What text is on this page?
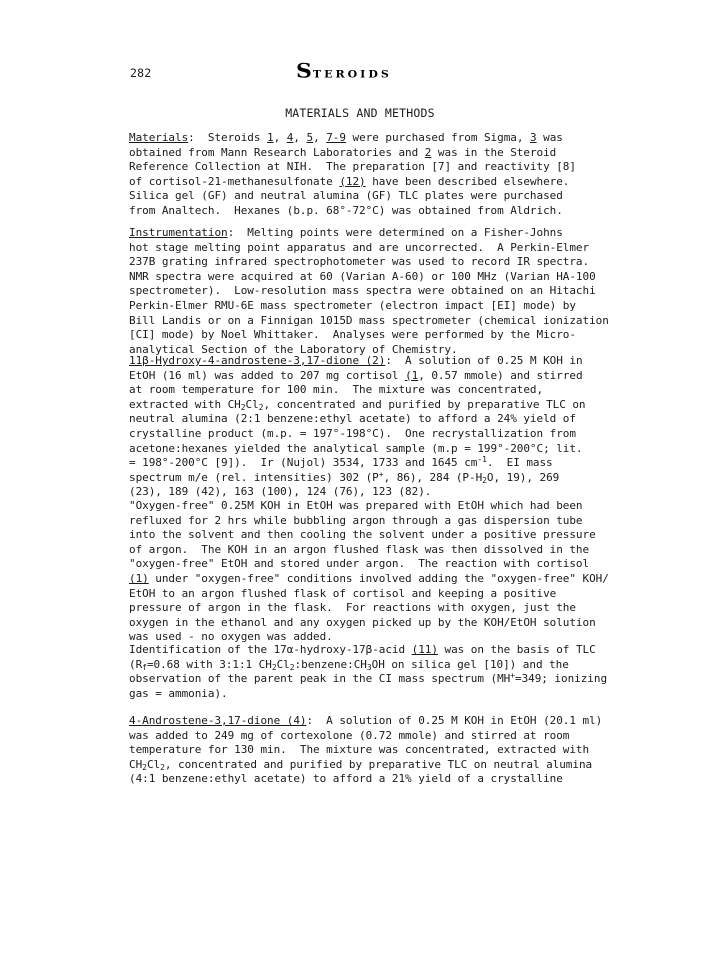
282	STEROIDS
MATERIALS AND METHODS

Materials:  Steroids 1, 4, 5, 7-9 were purchased from Sigma, 3 was
obtained from Mann Research Laboratories and 2 was in the Steroid
Reference Collection at NIH.  The preparation [7] and reactivity [8]
of cortisol-21-methanesulfonate (12) have been described elsewhere.
Silica gel (GF) and neutral alumina (GF) TLC plates were purchased
from Analtech.  Hexanes (b.p. 68°-72°C) was obtained from Aldrich.

Instrumentation:  Melting points were determined on a Fisher-Johns
hot stage melting point apparatus and are uncorrected.  A Perkin-Elmer
237B grating infrared spectrophotometer was used to record IR spectra.
NMR spectra were acquired at 60 (Varian A-60) or 100 MHz (Varian HA-100
spectrometer).  Low-resolution mass spectra were obtained on an Hitachi
Perkin-Elmer RMU-6E mass spectrometer (electron impact [EI] mode) by
Bill Landis or on a Finnigan 1015D mass spectrometer (chemical ionization
[CI] mode) by Noel Whittaker.  Analyses were performed by the Micro-
analytical Section of the Laboratory of Chemistry.

11β-Hydroxy-4-androstene-3,17-dione (2):  A solution of 0.25 M KOH in
EtOH (16 ml) was added to 207 mg cortisol (1, 0.57 mmole) and stirred
at room temperature for 100 min.  The mixture was concentrated,
extracted with $CH_2Cl_2$, concentrated and purified by preparative TLC on
neutral alumina (2:1 benzene:ethyl acetate) to afford a 24% yield of
crystalline product (m.p. = 197°-198°C).  One recrystallization from
acetone:hexanes yielded the analytical sample (m.p = 199°-200°C; lit.
= 198°-200°C [9]).  Ir (Nujol) 3534, 1733 and 1645 $cm^{-1}$.  EI mass
spectrum m/e (rel. intensities) 302 (P+, 86), 284 ($P-H_2O$, 19), 269
(23), 189 (42), 163 (100), 124 (76), 123 (82).

"Oxygen-free" 0.25M KOH in EtOH was prepared with EtOH which had been
refluxed for 2 hrs while bubbling argon through a gas dispersion tube
into the solvent and then cooling the solvent under a positive pressure
of argon.  The KOH in an argon flushed flask was then dissolved in the
"oxygen-free" EtOH and stored under argon.  The reaction with cortisol
(1) under "oxygen-free" conditions involved adding the "oxygen-free" KOH/
EtOH to an argon flushed flask of cortisol and keeping a positive
pressure of argon in the flask.  For reactions with oxygen, just the
oxygen in the ethanol and any oxygen picked up by the KOH/EtOH solution
was used - no oxygen was added.

Identification of the 17α-hydroxy-17β-acid (11) was on the basis of TLC
($R_f=0.68$ with 3:1:1 $CH_2Cl_2:benzene:CH_3OH$ on silica gel [10]) and the
observation of the parent peak in the CI mass spectrum (MH+=349; ionizing
gas = ammonia).

4-Androstene-3,17-dione (4):  A solution of 0.25 M KOH in EtOH (20.1 ml)
was added to 249 mg of cortexolone (0.72 mmole) and stirred at room
temperature for 130 min.  The mixture was concentrated, extracted with
$CH_2Cl_2$, concentrated and purified by preparative TLC on neutral alumina
(4:1 benzene:ethyl acetate) to afford a 21% yield of a crystalline
